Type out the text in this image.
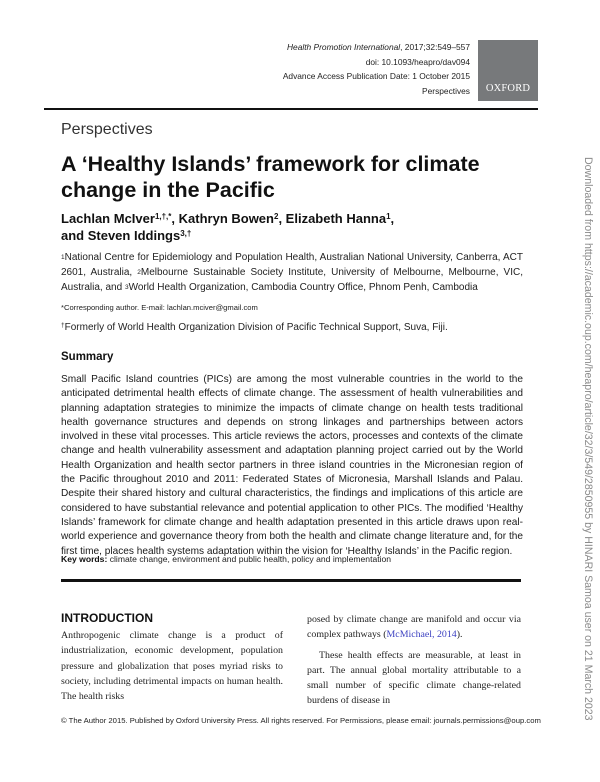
Health Promotion International, 2017;32:549–557
doi: 10.1093/heapro/dav094
Advance Access Publication Date: 1 October 2015
Perspectives	OXFORD
Perspectives
A ‘Healthy Islands’ framework for climate change in the Pacific
Lachlan McIver$^{1,\dagger,*}$, Kathryn Bowen$^2$, Elizabeth Hanna$^1$,
and Steven Iddings$^{3,\dagger}$
$^1$National Centre for Epidemiology and Population Health, Australian National University, Canberra, ACT 2601, Australia, $^2$Melbourne Sustainable Society Institute, University of Melbourne, Melbourne, VIC, Australia, and $^3$World Health Organization, Cambodia Country Office, Phnom Penh, Cambodia
*Corresponding author. E-mail: lachlan.mciver@gmail.com
†Formerly of World Health Organization Division of Pacific Technical Support, Suva, Fiji.
Summary
Small Pacific Island countries (PICs) are among the most vulnerable countries in the world to the anticipated detrimental health effects of climate change. The assessment of health vulnerabilities and planning adaptation strategies to minimize the impacts of climate change on health tests traditional health governance structures and depends on strong linkages and partnerships between actors involved in these vital processes. This article reviews the actors, processes and contexts of the climate change and health vulnerability assessment and adaptation planning project carried out by the World Health Organization and health sector partners in three island countries in the Micronesian region of the Pacific throughout 2010 and 2011: Federated States of Micronesia, Marshall Islands and Palau. Despite their shared history and cultural characteristics, the findings and implications of this article are considered to have substantial relevance and potential application to other PICs. The modified ‘Healthy Islands’ framework for climate change and health adaptation presented in this article draws upon real-world experience and governance theory from both the health and climate change literature and, for the first time, places health systems adaptation within the vision for ‘Healthy Islands’ in the Pacific region.
Key words: climate change, environment and public health, policy and implementation
INTRODUCTION
Anthropogenic climate change is a product of industrialization, economic development, population pressure and globalization that poses myriad risks to society, including detrimental impacts on human health. The health risks

posed by climate change are manifold and occur via complex pathways (McMichael, 2014).

These health effects are measurable, at least in part. The annual global mortality attributable to a small number of specific climate change-related burdens of disease in

© The Author 2015. Published by Oxford University Press. All rights reserved. For Permissions, please email: journals.permissions@oup.com	Downloaded from https://academic.oup.com/heapro/article/32/3/549/2850955 by HINARI Samoa user on 21 March 2023
